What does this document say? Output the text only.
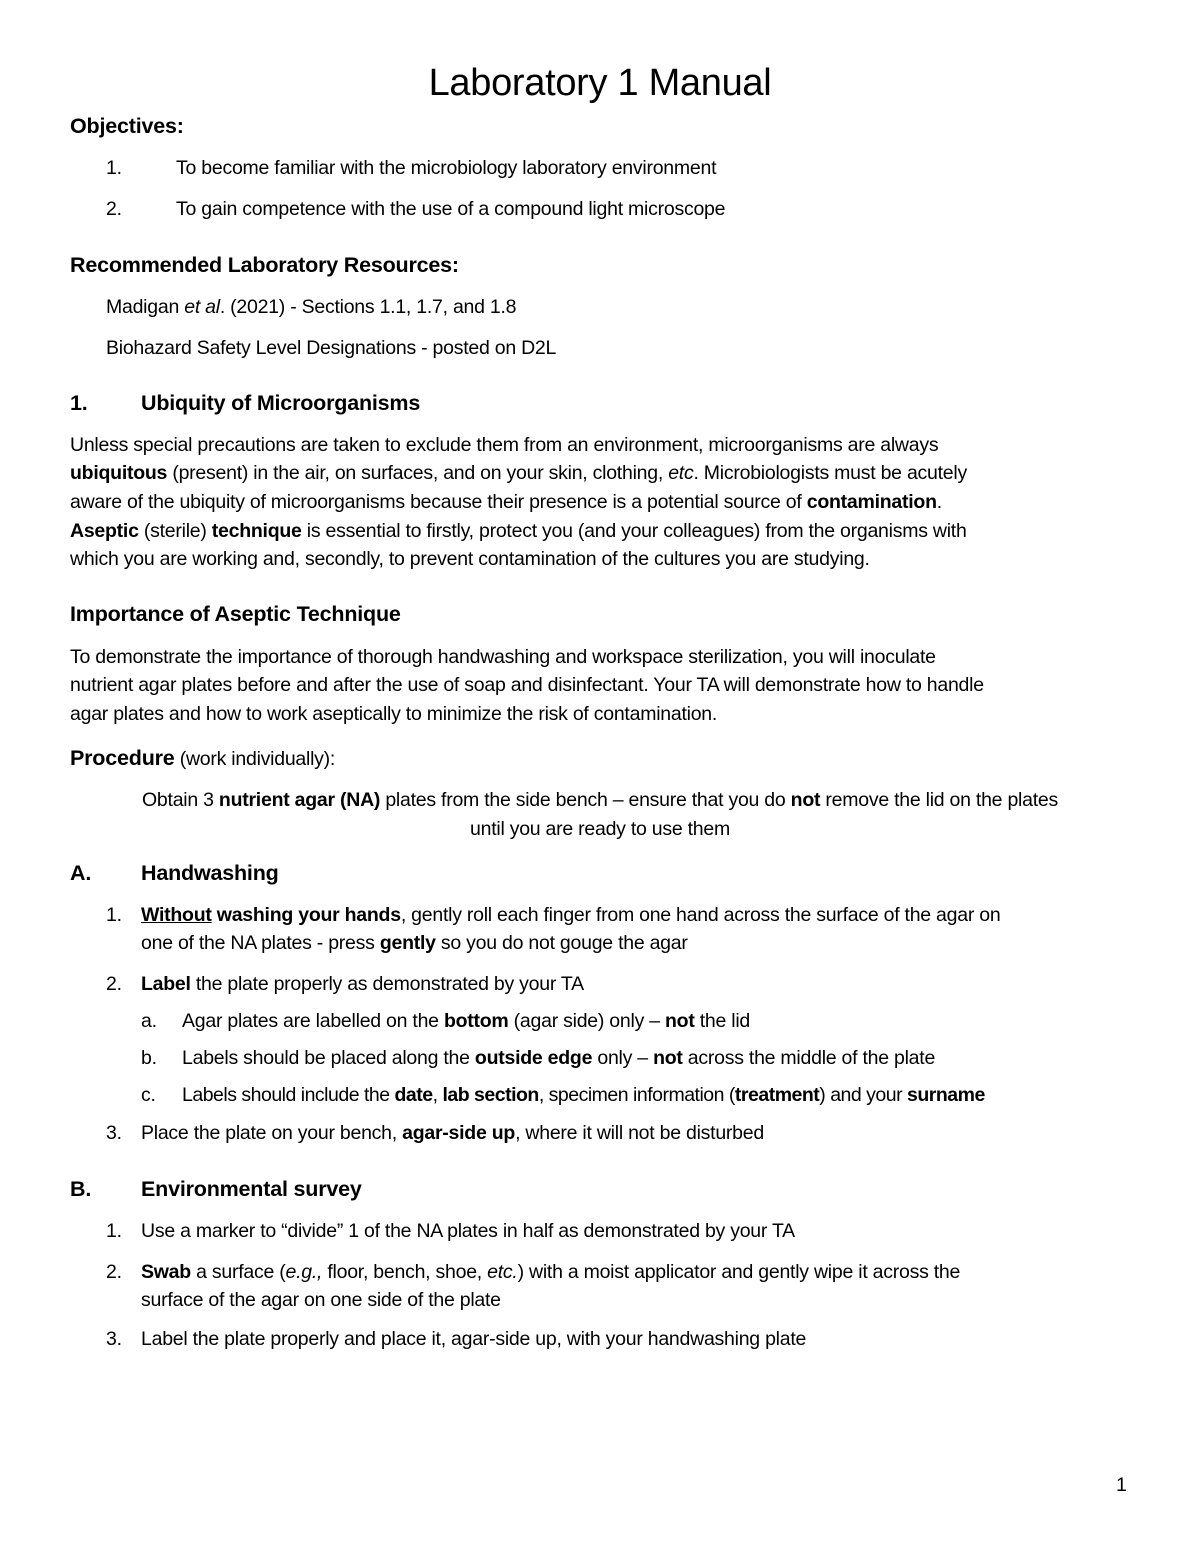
Laboratory 1 Manual
Objectives:
1.	To become familiar with the microbiology laboratory environment
2.	To gain competence with the use of a compound light microscope
Recommended Laboratory Resources:
Madigan et al. (2021) - Sections 1.1, 1.7, and 1.8
Biohazard Safety Level Designations - posted on D2L
1. Ubiquity of Microorganisms
Unless special precautions are taken to exclude them from an environment, microorganisms are always
ubiquitous (present) in the air, on surfaces, and on your skin, clothing, etc. Microbiologists must be acutely
aware of the ubiquity of microorganisms because their presence is a potential source of contamination.
Aseptic (sterile) technique is essential to firstly, protect you (and your colleagues) from the organisms with
which you are working and, secondly, to prevent contamination of the cultures you are studying.
Importance of Aseptic Technique
To demonstrate the importance of thorough handwashing and workspace sterilization, you will inoculate
nutrient agar plates before and after the use of soap and disinfectant. Your TA will demonstrate how to handle
agar plates and how to work aseptically to minimize the risk of contamination.
Procedure (work individually):
Obtain 3 nutrient agar (NA) plates from the side bench – ensure that you do not remove the lid on the plates
until you are ready to use them
A. Handwashing
1. Without washing your hands, gently roll each finger from one hand across the surface of the agar on
one of the NA plates - press gently so you do not gouge the agar
2. Label the plate properly as demonstrated by your TA
a. Agar plates are labelled on the bottom (agar side) only – not the lid
b. Labels should be placed along the outside edge only – not across the middle of the plate
c. Labels should include the date, lab section, specimen information (treatment) and your surname
3. Place the plate on your bench, agar-side up, where it will not be disturbed
B. Environmental survey
1. Use a marker to “divide” 1 of the NA plates in half as demonstrated by your TA
2. Swab a surface (e.g., floor, bench, shoe, etc.) with a moist applicator and gently wipe it across the
surface of the agar on one side of the plate
3. Label the plate properly and place it, agar-side up, with your handwashing plate
1
